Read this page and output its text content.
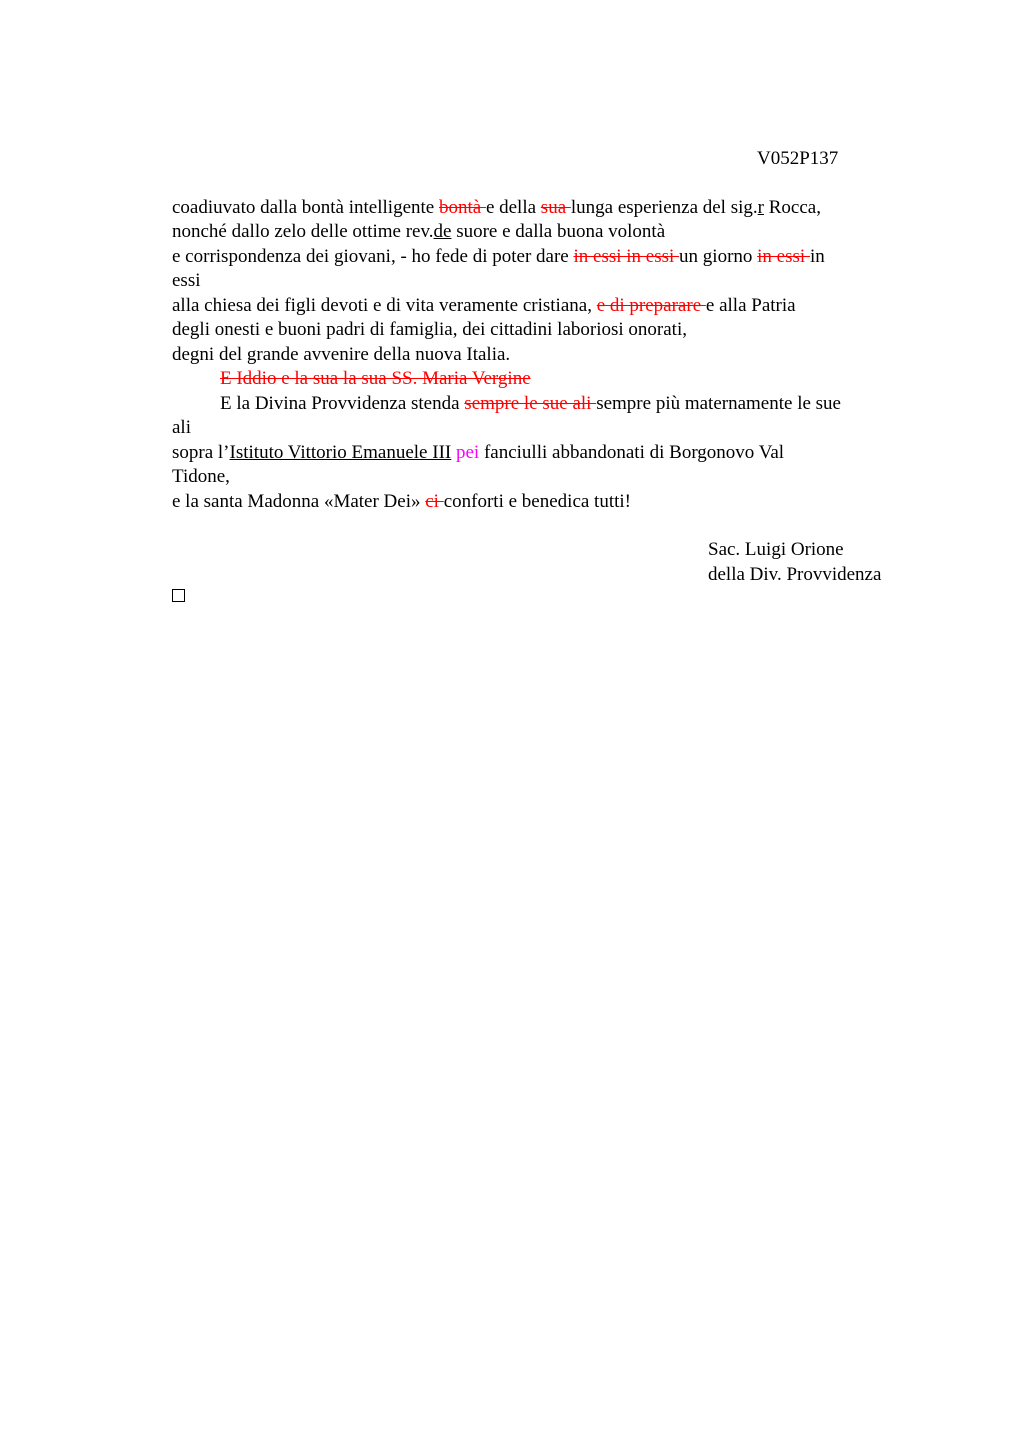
V052P137
coadiuvato dalla bontà intelligente bontà e della sua lunga esperienza del sig.r Rocca,
nonché dallo zelo delle ottime rev.de suore e dalla buona volontà
e corrispondenza dei giovani, - ho fede di poter dare in essi in essi un giorno in essi in
essi
alla chiesa dei figli devoti e di vita veramente cristiana, e di preparare e alla Patria
degli onesti e buoni padri di famiglia, dei cittadini laboriosi onorati,
degni del grande avvenire della nuova Italia.
E Iddio e la sua la sua SS. Maria Vergine
E la Divina Provvidenza stenda sempre le sue ali sempre più maternamente le sue
ali
sopra l’Istituto Vittorio Emanuele III pei fanciulli abbandonati di Borgonovo Val
Tidone,
e la santa Madonna «Mater Dei» ci conforti e benedica tutti!
Sac. Luigi Orione
della Div. Provvidenza
